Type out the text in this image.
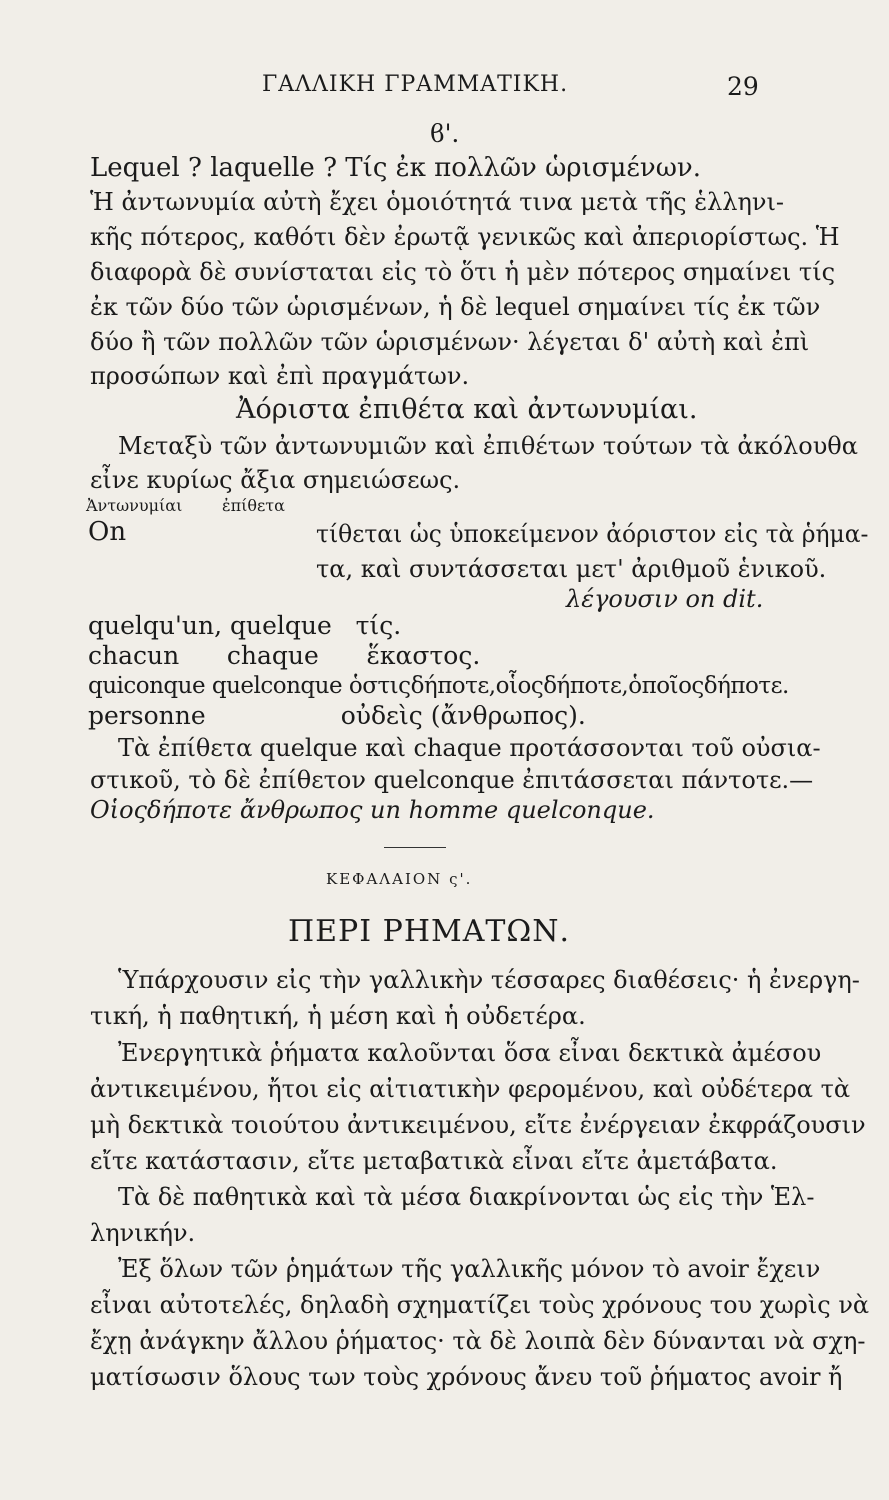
ΓΑΛΛΙΚΗ ΓΡΑΜΜΑΤΙΚΗ.	29
ϐ'.
Lequel ? laquelle ? Τίς ἐκ πολλῶν ὡρισμένων.
Ἡ ἀντωνυμία αὐτὴ ἔχει ὁμοιότητά τινα μετὰ τῆς ἑλληνι-
κῆς πότερος, καθότι δὲν ἐρωτᾷ γενικῶς καὶ ἀπεριορίστως. Ἡ
διαφορὰ δὲ συνίσταται εἰς τὸ ὅτι ἡ μὲν πότερος σημαίνει τίς
ἐκ τῶν δύο τῶν ὡρισμένων, ἡ δὲ lequel σημαίνει τίς ἐκ τῶν
δύο ἢ τῶν πολλῶν τῶν ὡρισμένων· λέγεται δ' αὐτὴ καὶ ἐπὶ
προσώπων καὶ ἐπὶ πραγμάτων.
Ἀόριστα ἐπιθέτα καὶ ἀντωνυμίαι.
Μεταξὺ τῶν ἀντωνυμιῶν καὶ ἐπιθέτων τούτων τὰ ἀκόλουθα
εἶνε κυρίως ἄξια σημειώσεως.
Ἀντωνυμίαι ἐπίθετα
On	τίθεται ὡς ὑποκείμενον ἀόριστον εἰς τὰ ῥήμα-
τα, καὶ συντάσσεται μετ' ἀριθμοῦ ἑνικοῦ.
λέγουσιν on dit.
quelqu'un, quelque   τίς.
chacun      chaque      ἕκαστος.
quiconque quelconque ὁστιςδήποτε,οἷοςδήποτε,ὁποῖοςδήποτε.
personne                 οὐδεὶς (ἄνθρωπος).
Τὰ ἐπίθετα quelque καὶ chaque προτάσσονται τοῦ οὐσια-
στικοῦ, τὸ δὲ ἐπίθετον quelconque ἐπιτάσσεται πάντοτε.—
Οἱοςδήποτε ἄνθρωπος un homme quelconque.
ΚΕΦΑΛΑΙΟΝ ς'.
ΠΕΡΙ ΡΗΜΑΤΩΝ.
Ὑπάρχουσιν εἰς τὴν γαλλικὴν τέσσαρες διαθέσεις· ἡ ἐνεργη-
τική, ἡ παθητική, ἡ μέση καὶ ἡ οὐδετέρα.
Ἐνεργητικὰ ῥήματα καλοῦνται ὅσα εἶναι δεκτικὰ ἀμέσου
ἀντικειμένου, ἤτοι εἰς αἰτιατικὴν φερομένου, καὶ οὐδέτερα τὰ
μὴ δεκτικὰ τοιούτου ἀντικειμένου, εἴτε ἐνέργειαν ἐκφράζουσιν
εἴτε κατάστασιν, εἴτε μεταβατικὰ εἶναι εἴτε ἀμετάβατα.
Τὰ δὲ παθητικὰ καὶ τὰ μέσα διακρίνονται ὡς εἰς τὴν Ἑλ-
ληνικήν.
Ἐξ ὅλων τῶν ῥημάτων τῆς γαλλικῆς μόνον τὸ avoir ἔχειν
εἶναι αὐτοτελές, δηλαδὴ σχηματίζει τοὺς χρόνους του χωρὶς νὰ
ἔχῃ ἀνάγκην ἄλλου ῥήματος· τὰ δὲ λοιπὰ δὲν δύνανται νὰ σχη-
ματίσωσιν ὅλους των τοὺς χρόνους ἄνευ τοῦ ῥήματος avoir ἤ
